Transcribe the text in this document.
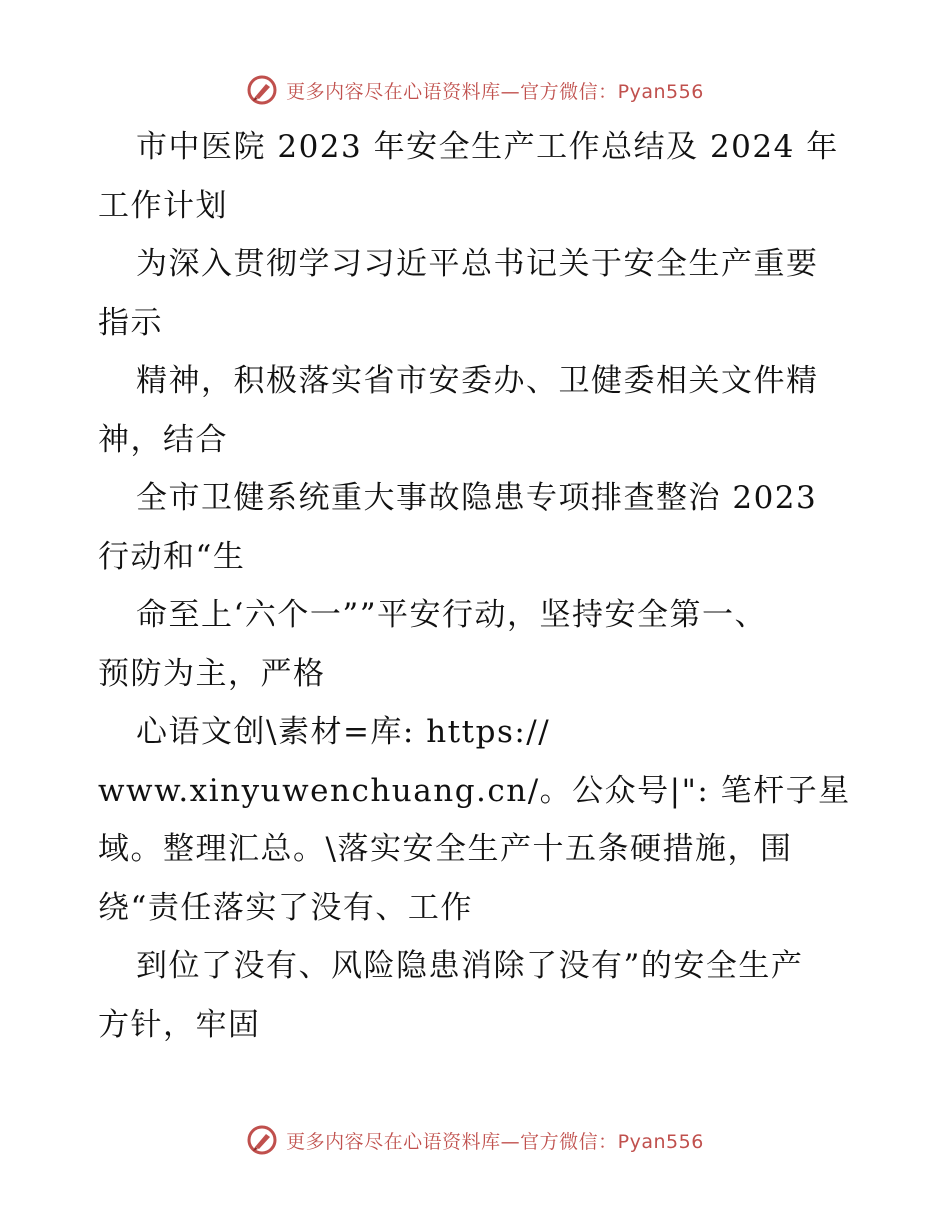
更多内容尽在心语资料库—官方微信：Pyan556

市中医院 2023 年安全生产工作总结及 2024 年
工作计划

为深入贯彻学习习近平总书记关于安全生产重要
指示

精神，积极落实省市安委办、卫健委相关文件精
神，结合

全市卫健系统重大事故隐患专项排查整治 2023
行动和“生

命至上‘六个一””平安行动，坚持安全第一、
预防为主，严格

心语文创\素材=库: https://
www.xinyuwenchuang.cn/。公众号|": 笔杆子星
域。整理汇总。\落实安全生产十五条硬措施，围
绕“责任落实了没有、工作

到位了没有、风险隐患消除了没有”的安全生产
方针，牢固

更多内容尽在心语资料库—官方微信：Pyan556
